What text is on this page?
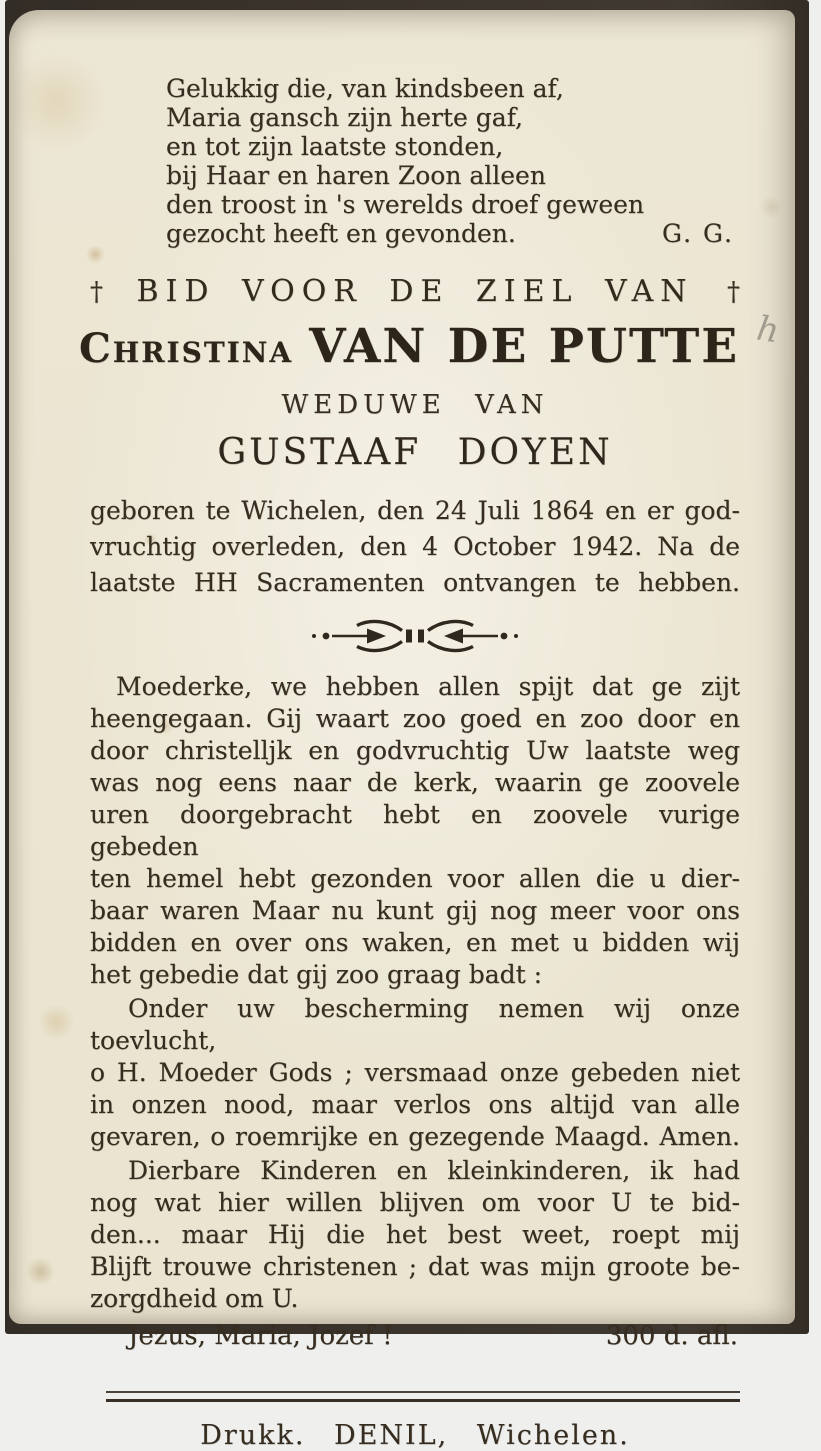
h
Gelukkig die, van kindsbeen af,
Maria gansch zijn herte gaf,
en tot zijn laatste stonden,
bij Haar en haren Zoon alleen
den troost in 's werelds droef geween
gezocht heeft en gevonden.	G. G.
† BID VOOR DE ZIEL VAN †
Christina VAN DE PUTTE
WEDUWE VAN
GUSTAAF DOYEN
geboren te Wichelen, den 24 Juli 1864 en er god-
vruchtig overleden, den 4 October 1942. Na de
laatste HH Sacramenten ontvangen te hebben.
Moederke, we hebben allen spijt dat ge zijt
heengegaan. Gij waart zoo goed en zoo door en
door christelljk en godvruchtig Uw laatste weg
was nog eens naar de kerk, waarin ge zoovele
uren doorgebracht hebt en zoovele vurige gebeden
ten hemel hebt gezonden voor allen die u dier-
baar waren Maar nu kunt gij nog meer voor ons
bidden en over ons waken, en met u bidden wij
het gebedie dat gij zoo graag badt :
Onder uw bescherming nemen wij onze toevlucht,
o H. Moeder Gods ; versmaad onze gebeden niet
in onzen nood, maar verlos ons altijd van alle
gevaren, o roemrijke en gezegende Maagd. Amen.
Dierbare Kinderen en kleinkinderen, ik had
nog wat hier willen blijven om voor U te bid-
den... maar Hij die het best weet, roept mij
Blijft trouwe christenen ; dat was mijn groote be-
zorgdheid om U.
Jezus, Maria, Jozef !	300 d. afl.
Drukk. DENIL, Wichelen.
